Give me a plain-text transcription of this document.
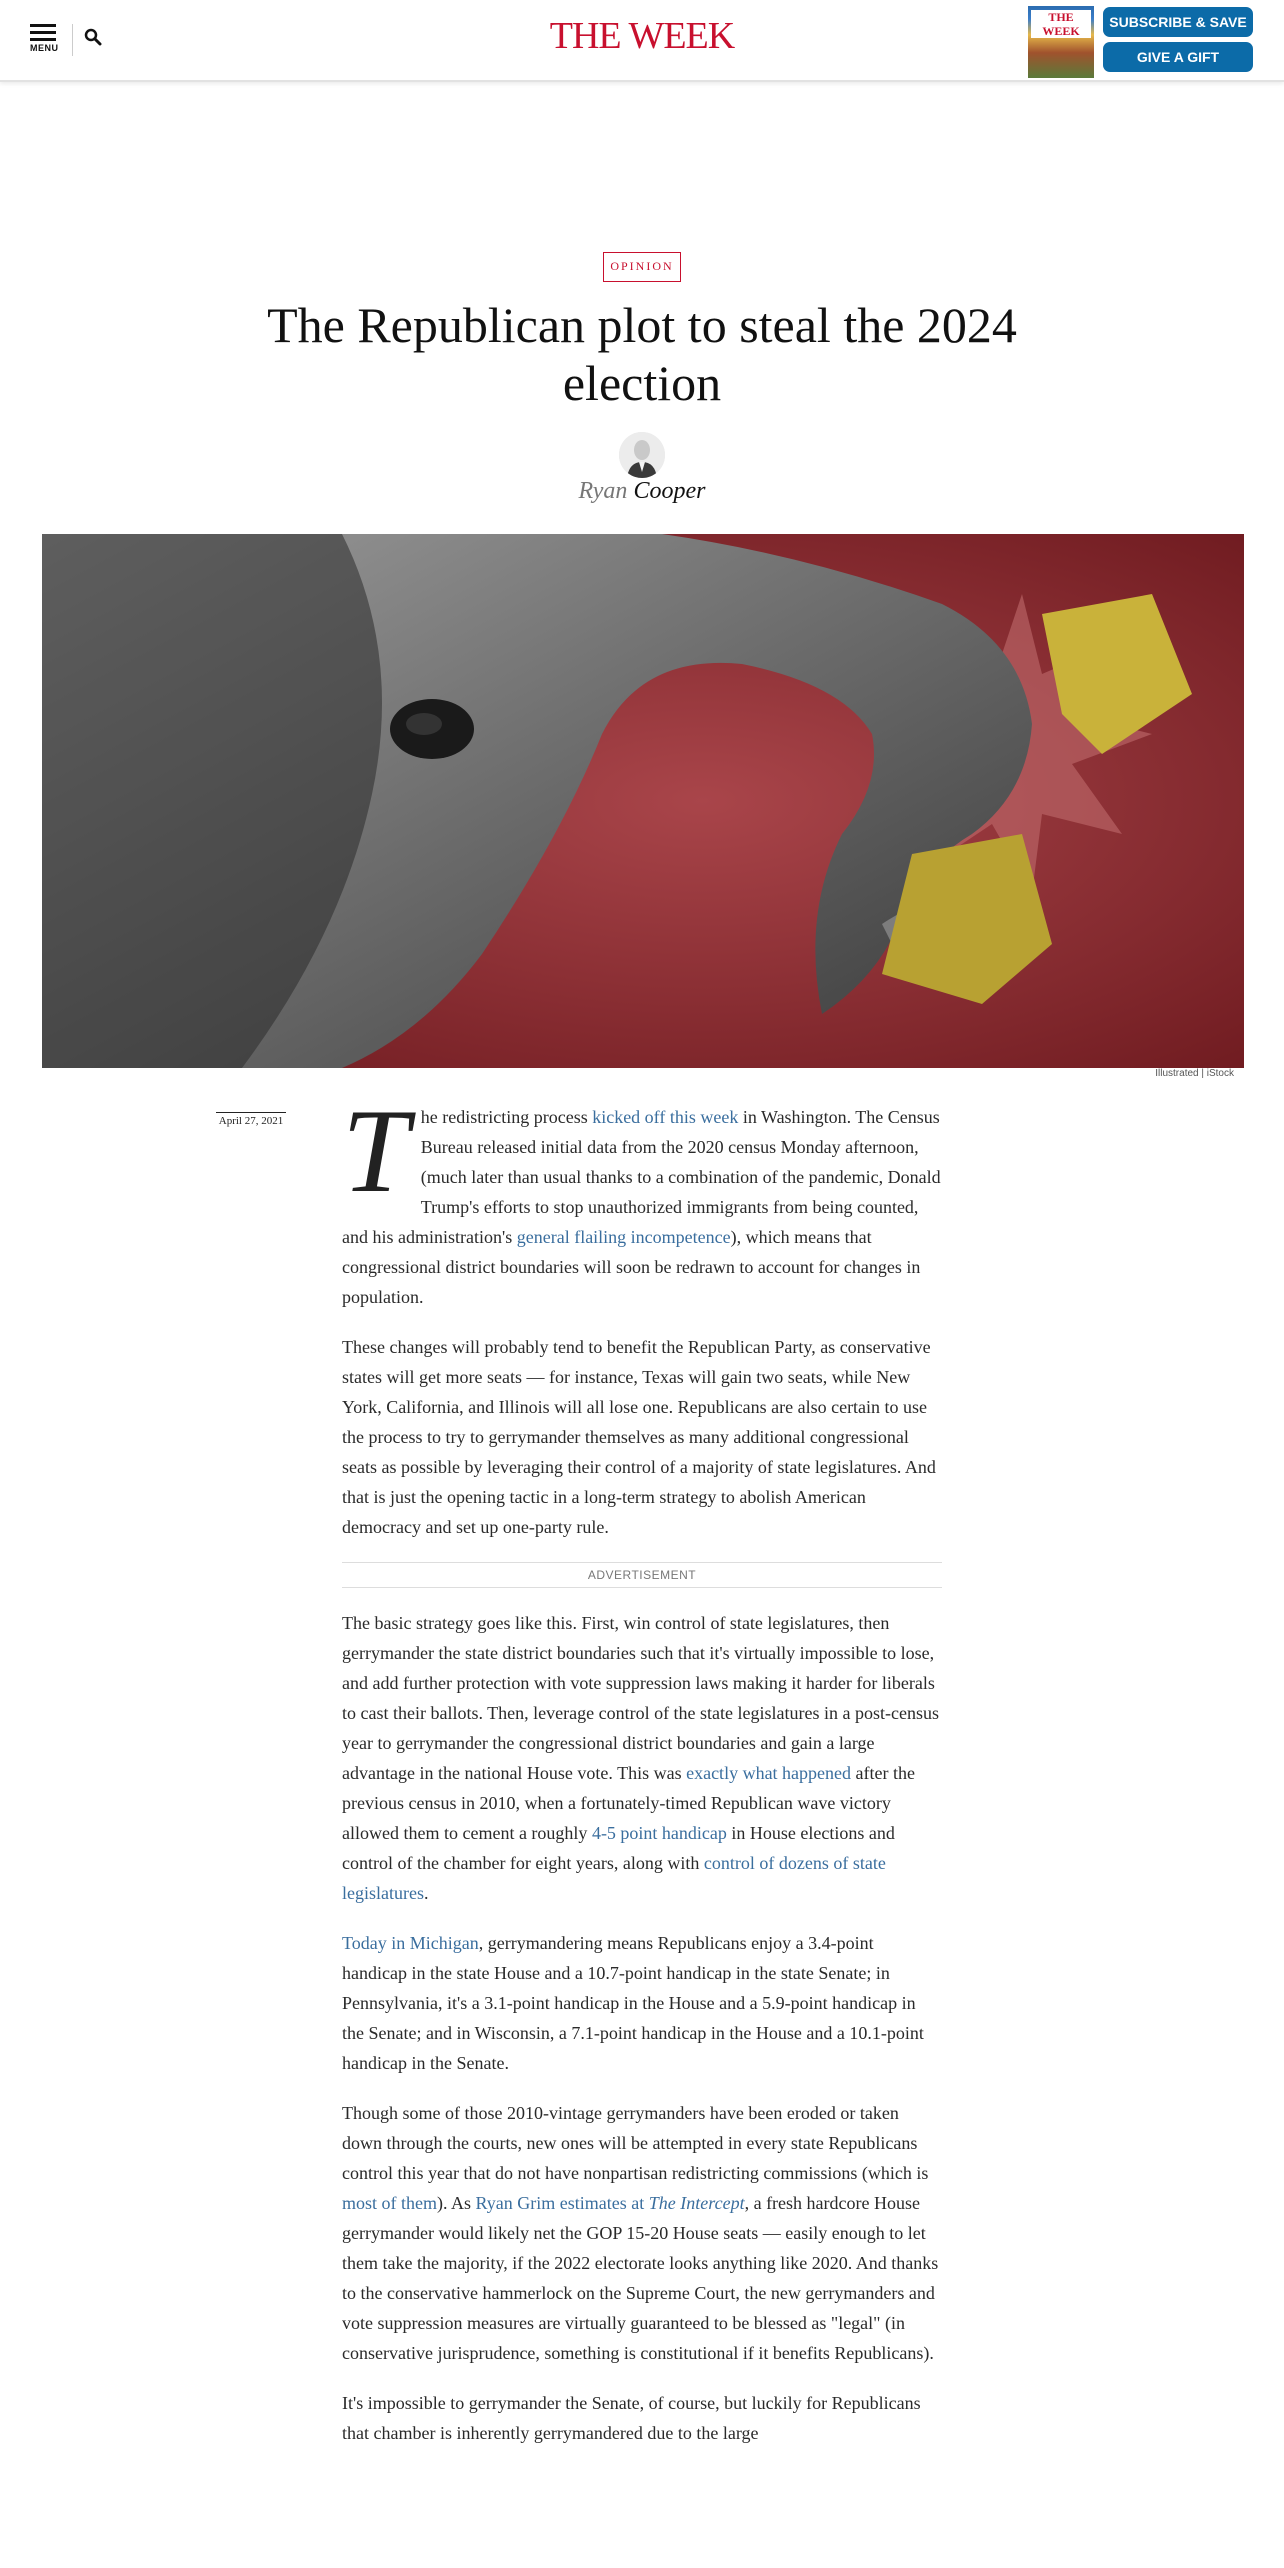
MENU	THE WEEK	THE WEEK
SUBSCRIBE & SAVE
GIVE A GIFT
OPINION
The Republican plot to steal the 2024 election
Ryan Cooper
Illustrated | iStock
April 27, 2021 The redistricting process kicked off this week in Washington. The Census Bureau released initial data from the 2020 census Monday afternoon, (much later than usual thanks to a combination of the pandemic, Donald Trump's efforts to stop unauthorized immigrants from being counted, and his administration's general flailing incompetence), which means that congressional district boundaries will soon be redrawn to account for changes in population.

These changes will probably tend to benefit the Republican Party, as conservative states will get more seats — for instance, Texas will gain two seats, while New York, California, and Illinois will all lose one. Republicans are also certain to use the process to try to gerrymander themselves as many additional congressional seats as possible by leveraging their control of a majority of state legislatures. And that is just the opening tactic in a long-term strategy to abolish American democracy and set up one-party rule.

ADVERTISEMENT

The basic strategy goes like this. First, win control of state legislatures, then gerrymander the state district boundaries such that it's virtually impossible to lose, and add further protection with vote suppression laws making it harder for liberals to cast their ballots. Then, leverage control of the state legislatures in a post-census year to gerrymander the congressional district boundaries and gain a large advantage in the national House vote. This was exactly what happened after the previous census in 2010, when a fortunately-timed Republican wave victory allowed them to cement a roughly 4-5 point handicap in House elections and control of the chamber for eight years, along with control of dozens of state legislatures.

Today in Michigan, gerrymandering means Republicans enjoy a 3.4-point handicap in the state House and a 10.7-point handicap in the state Senate; in Pennsylvania, it's a 3.1-point handicap in the House and a 5.9-point handicap in the Senate; and in Wisconsin, a 7.1-point handicap in the House and a 10.1-point handicap in the Senate.

Though some of those 2010-vintage gerrymanders have been eroded or taken down through the courts, new ones will be attempted in every state Republicans control this year that do not have nonpartisan redistricting commissions (which is most of them). As Ryan Grim estimates at The Intercept, a fresh hardcore House gerrymander would likely net the GOP 15-20 House seats — easily enough to let them take the majority, if the 2022 electorate looks anything like 2020. And thanks to the conservative hammerlock on the Supreme Court, the new gerrymanders and vote suppression measures are virtually guaranteed to be blessed as "legal" (in conservative jurisprudence, something is constitutional if it benefits Republicans).

It's impossible to gerrymander the Senate, of course, but luckily for Republicans that chamber is inherently gerrymandered due to the large
